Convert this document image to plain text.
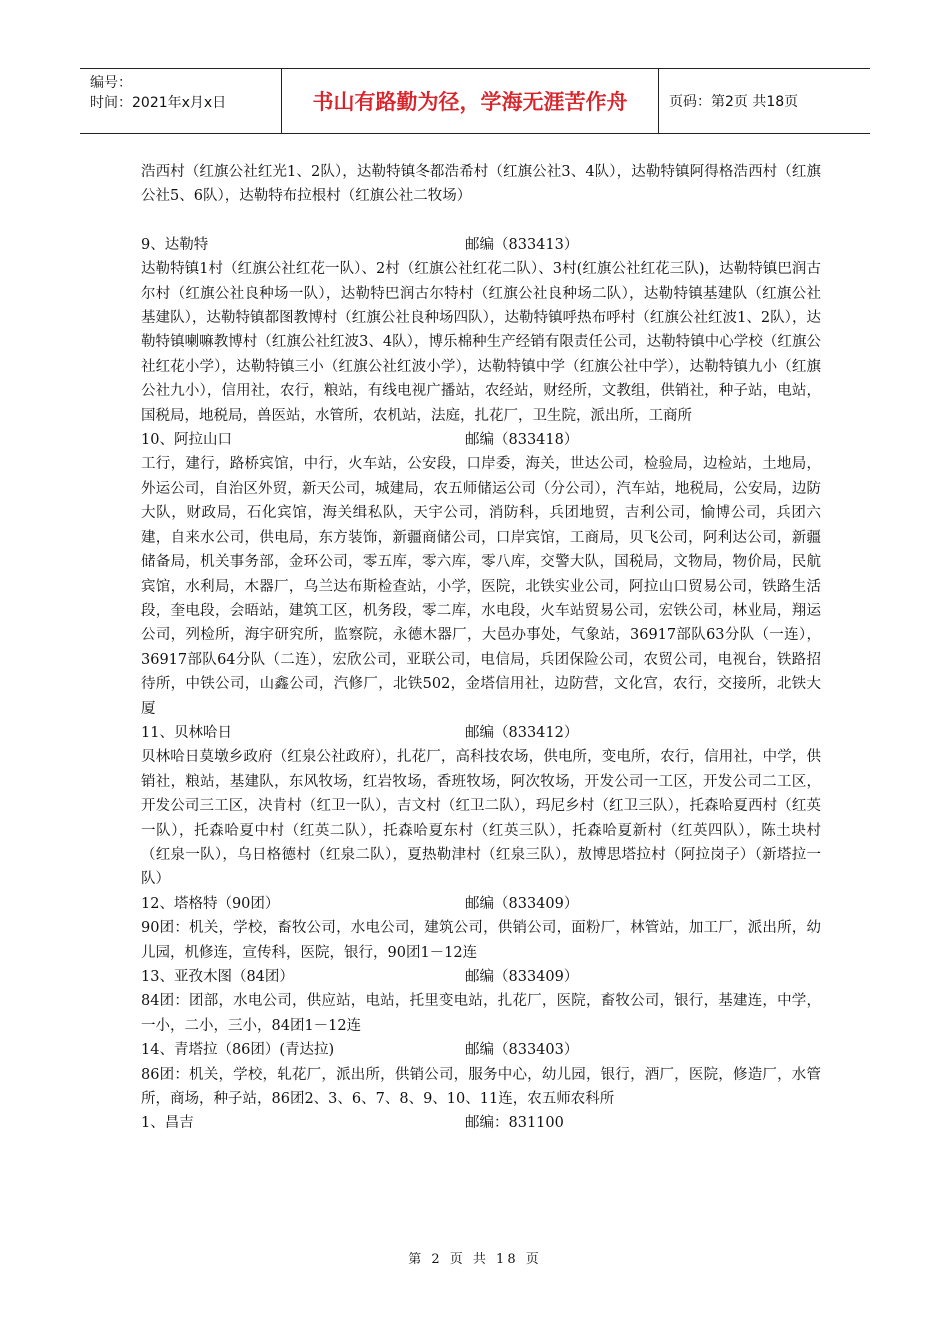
编号：
时间：2021年x月x日	书山有路勤为径，学海无涯苦作舟	页码：第2页 共18页

浩西村（红旗公社红光1、2队），达勒特镇冬都浩希村（红旗公社3、4队），达勒特镇阿得格浩西村（红旗公社5、6队），达勒特布拉根村（红旗公社二牧场）

9、达勒特	邮编（833413）

达勒特镇1村（红旗公社红花一队）、2村（红旗公社红花二队）、3村(红旗公社红花三队)，达勒特镇巴润古尔村（红旗公社良种场一队），达勒特巴润古尔特村（红旗公社良种场二队），达勒特镇基建队（红旗公社基建队），达勒特镇都图教博村（红旗公社良种场四队），达勒特镇呼热布呼村（红旗公社红波1、2队），达勒特镇喇嘛教博村（红旗公社红波3、4队），博乐棉种生产经销有限责任公司，达勒特镇中心学校（红旗公社红花小学），达勒特镇三小（红旗公社红波小学），达勒特镇中学（红旗公社中学），达勒特镇九小（红旗公社九小），信用社，农行，粮站，有线电视广播站，农经站，财经所，文教组，供销社，种子站，电站，国税局，地税局，兽医站，水管所，农机站，法庭，扎花厂，卫生院，派出所，工商所

10、阿拉山口	邮编（833418）

工行，建行，路桥宾馆，中行，火车站，公安段，口岸委，海关，世达公司，检验局，边检站，土地局，外运公司，自治区外贸，新天公司，城建局，农五师储运公司（分公司），汽车站，地税局，公安局，边防大队，财政局，石化宾馆，海关缉私队，天宇公司，消防科，兵团地贸，吉利公司，愉博公司，兵团六建，自来水公司，供电局，东方装饰，新疆商储公司，口岸宾馆，工商局，贝飞公司，阿利达公司，新疆储备局，机关事务部，金环公司，零五库，零六库，零八库，交警大队，国税局，文物局，物价局，民航宾馆，水利局，木器厂，乌兰达布斯检查站，小学，医院，北铁实业公司，阿拉山口贸易公司，铁路生活段，奎电段，会晤站，建筑工区，机务段，零二库，水电段，火车站贸易公司，宏铁公司，林业局，翔运公司，列检所，海宇研究所，监察院，永德木器厂，大邑办事处，气象站，36917部队63分队（一连），36917部队64分队（二连），宏欣公司，亚联公司，电信局，兵团保险公司，农贸公司，电视台，铁路招待所，中铁公司，山鑫公司，汽修厂，北铁502，金塔信用社，边防营，文化宫，农行，交接所，北铁大厦

11、贝林哈日	邮编（833412）

贝林哈日莫墩乡政府（红泉公社政府），扎花厂，高科技农场，供电所，变电所，农行，信用社，中学，供销社，粮站，基建队，东风牧场，红岩牧场，香班牧场，阿次牧场，开发公司一工区，开发公司二工区，开发公司三工区，决肯村（红卫一队），吉文村（红卫二队），玛尼乡村（红卫三队），托森哈夏西村（红英一队），托森哈夏中村（红英二队），托森哈夏东村（红英三队），托森哈夏新村（红英四队），陈土块村（红泉一队），乌日格德村（红泉二队），夏热勒津村（红泉三队），敖博思塔拉村（阿拉岗子）（新塔拉一队）

12、塔格特（90团）	邮编（833409）

90团：机关，学校，畜牧公司，水电公司，建筑公司，供销公司，面粉厂，林管站，加工厂，派出所，幼儿园，机修连，宣传科，医院，银行，90团1－12连

13、亚孜木图（84团）	邮编（833409）

84团：团部，水电公司，供应站，电站，托里变电站，扎花厂，医院，畜牧公司，银行，基建连，中学，一小，二小，三小，84团1－12连

14、青塔拉（86团）(青达拉)	邮编（833403）

86团：机关，学校，轧花厂，派出所，供销公司，服务中心，幼儿园，银行，酒厂，医院，修造厂，水管所，商场，种子站，86团2、3、6、7、8、9、10、11连，农五师农科所

1、昌吉	邮编：831100
第 2 页 共 18 页
